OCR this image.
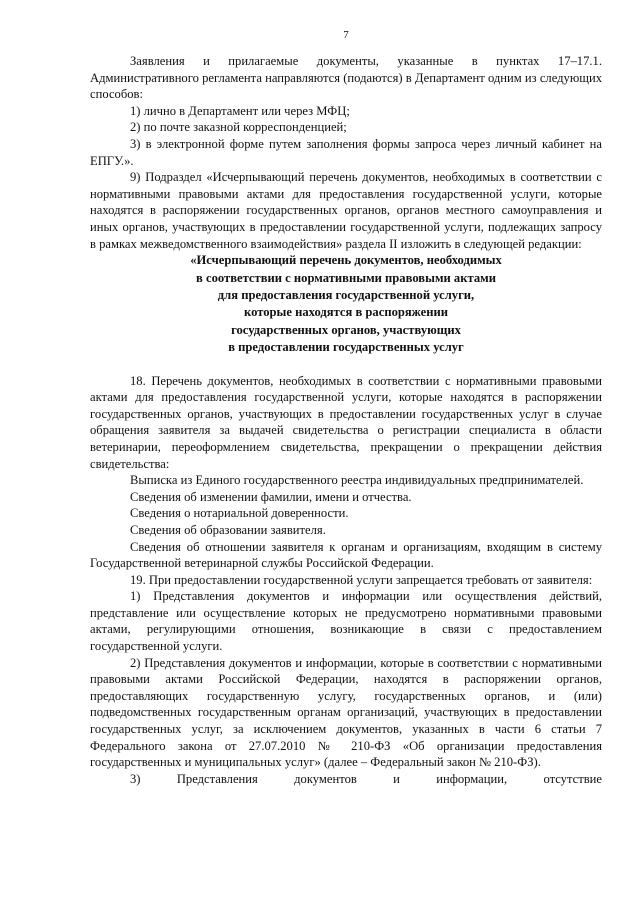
7

Заявления и прилагаемые документы, указанные в пунктах 17–17.1. Административного регламента направляются (подаются) в Департамент одним из следующих способов:

1) лично в Департамент или через МФЦ;

2) по почте заказной корреспонденцией;

3) в электронной форме путем заполнения формы запроса через личный кабинет на ЕПГУ.».

9) Подраздел «Исчерпывающий перечень документов, необходимых в соответствии с нормативными правовыми актами для предоставления государственной услуги, которые находятся в распоряжении государственных органов, органов местного самоуправления и иных органов, участвующих в предоставлении государственной услуги, подлежащих запросу в рамках межведомственного взаимодействия» раздела II изложить в следующей редакции:

«Исчерпывающий перечень документов, необходимых
в соответствии с нормативными правовыми актами
для предоставления государственной услуги,
которые находятся в распоряжении
государственных органов, участвующих
в предоставлении государственных услуг

18. Перечень документов, необходимых в соответствии с нормативными правовыми актами для предоставления государственной услуги, которые находятся в распоряжении государственных органов, участвующих в предоставлении государственных услуг в случае обращения заявителя за выдачей свидетельства о регистрации специалиста в области ветеринарии, переоформлением свидетельства, прекращении о прекращении действия свидетельства:

Выписка из Единого государственного реестра индивидуальных предпринимателей.

Сведения об изменении фамилии, имени и отчества.

Сведения о нотариальной доверенности.

Сведения об образовании заявителя.

Сведения об отношении заявителя к органам и организациям, входящим в систему Государственной ветеринарной службы Российской Федерации.

19. При предоставлении государственной услуги запрещается требовать от заявителя:

1) Представления документов и информации или осуществления действий, представление или осуществление которых не предусмотрено нормативными правовыми актами, регулирующими отношения, возникающие в связи с предоставлением государственной услуги.

2) Представления документов и информации, которые в соответствии с нормативными правовыми актами Российской Федерации, находятся в распоряжении органов, предоставляющих государственную услугу, государственных органов, и (или) подведомственных государственным органам организаций, участвующих в предоставлении государственных услуг, за исключением документов, указанных в части 6 статьи 7 Федерального закона от 27.07.2010 № 210-ФЗ «Об организации предоставления государственных и муниципальных услуг» (далее – Федеральный закон № 210-ФЗ).

3) Представления документов и информации, отсутствие
